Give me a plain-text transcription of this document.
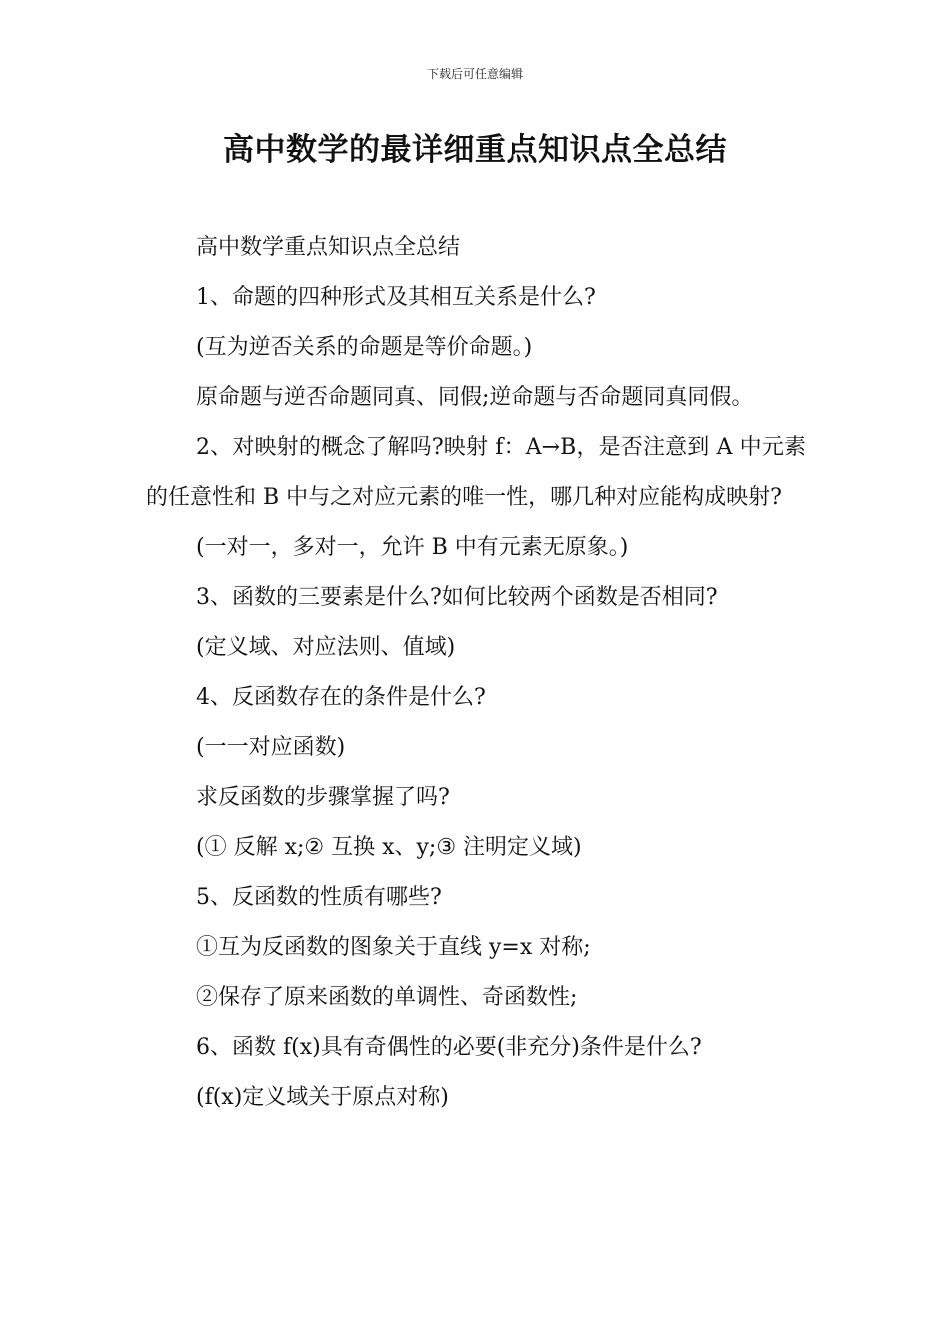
下载后可任意编辑
高中数学的最详细重点知识点全总结

高中数学重点知识点全总结

1、命题的四种形式及其相互关系是什么?

(互为逆否关系的命题是等价命题。)

原命题与逆否命题同真、同假;逆命题与否命题同真同假。

2、对映射的概念了解吗?映射 f：A→B，是否注意到 A 中元素的任意性和 B 中与之对应元素的唯一性，哪几种对应能构成映射?

(一对一，多对一，允许 B 中有元素无原象。)

3、函数的三要素是什么?如何比较两个函数是否相同?

(定义域、对应法则、值域)

4、反函数存在的条件是什么?

(一一对应函数)

求反函数的步骤掌握了吗?

(① 反解 x;② 互换 x、y;③ 注明定义域)

5、反函数的性质有哪些?

①互为反函数的图象关于直线 y=x 对称;

②保存了原来函数的单调性、奇函数性;

6、函数 f(x)具有奇偶性的必要(非充分)条件是什么?

(f(x)定义域关于原点对称)
